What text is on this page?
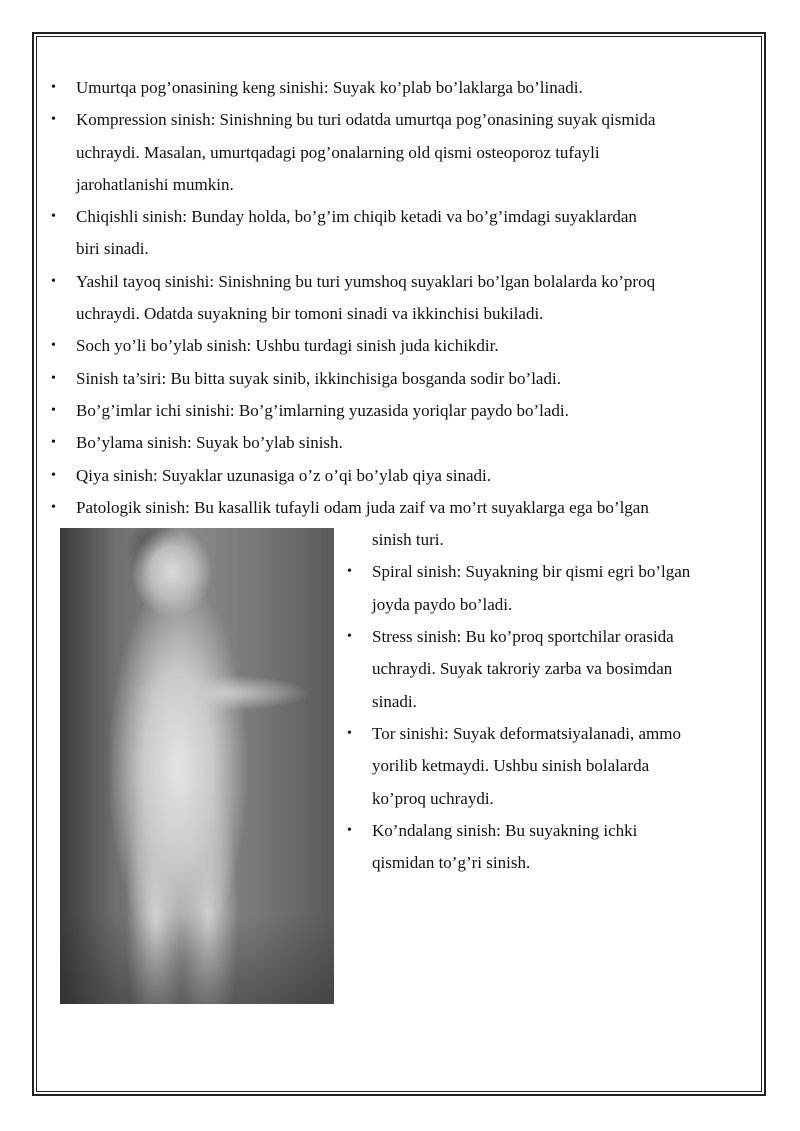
• Umurtqa pog’onasining keng sinishi: Suyak ko’plab bo’laklarga bo’linadi.
• Kompression sinish: Sinishning bu turi odatda umurtqa pog’onasining suyak qismida
uchraydi. Masalan, umurtqadagi pog’onalarning old qismi osteoporoz tufayli
jarohatlanishi mumkin.
• Chiqishli sinish: Bunday holda, bo’g’im chiqib ketadi va bo’g’imdagi suyaklardan
biri sinadi.
• Yashil tayoq sinishi: Sinishning bu turi yumshoq suyaklari bo’lgan bolalarda ko’proq
uchraydi. Odatda suyakning bir tomoni sinadi va ikkinchisi bukiladi.
• Soch yo’li bo’ylab sinish: Ushbu turdagi sinish juda kichikdir.
• Sinish ta’siri: Bu bitta suyak sinib, ikkinchisiga bosganda sodir bo’ladi.
• Bo’g’imlar ichi sinishi: Bo’g’imlarning yuzasida yoriqlar paydo bo’ladi.
• Bo’ylama sinish: Suyak bo’ylab sinish.
• Qiya sinish: Suyaklar uzunasiga o’z o’qi bo’ylab qiya sinadi.
• Patologik sinish: Bu kasallik tufayli odam juda zaif va mo’rt suyaklarga ega bo’lgan
sinish turi.
• Spiral sinish: Suyakning bir qismi egri bo’lgan
joyda paydo bo’ladi.
• Stress sinish: Bu ko’proq sportchilar orasida
uchraydi. Suyak takroriy zarba va bosimdan
sinadi.
• Tor sinishi: Suyak deformatsiyalanadi, ammo
yorilib ketmaydi. Ushbu sinish bolalarda
ko’proq uchraydi.
• Ko’ndalang sinish: Bu suyakning ichki
qismidan to’g’ri sinish.
